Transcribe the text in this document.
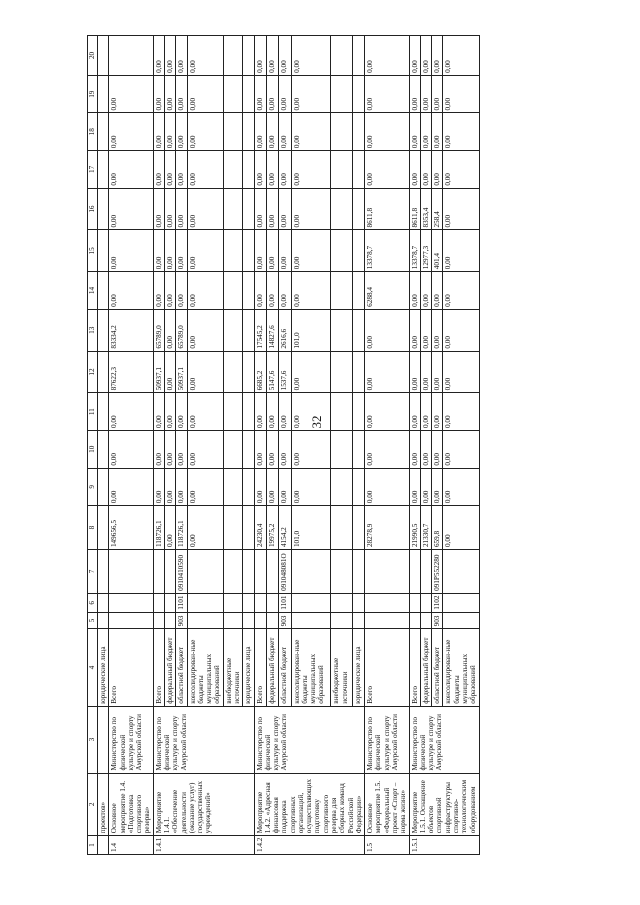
32
1	2	3	4	5	6	7	8	9	10	11	12	13	14	15	16	17	18	19	20
	проектов»		юридические лица																
1.4	Основное мероприятие 1.4. «Подготовка спортивного резерва»	Министерство по физической культуре и спорту Амурской области	Всего				149656,5	0,00	0,00	0,00	87622,3	83334,2	0,00	0,00	0,00	0,00	0,00	0,00	
1.4.1	Мероприятие 1.4.1. «Обеспечение деятельности (оказание услуг) государственных учреждений»	Министерство по физической культуре и спорту Амурской области	Всего				118726,1	0,00	0,00	0,00	50937,1	65789,0	0,00	0,00	0,00	0,00	0,00	0,00	0,00
			федеральный бюджет				0,00	0,00	0,00	0,00	0,00	0,00	0,00	0,00	0,00	0,00	0,00	0,00	0,00
			областной бюджет	903	1101	0910410590	118726,1	0,00	0,00	0,00	50937,1	65789,0	0,00	0,00	0,00	0,00	0,00	0,00	0,00
			консолидирован-ные бюджеты муниципальных образований				0,00	0,00	0,00	0,00	0,00	0,00	0,00	0,00	0,00	0,00	0,00	0,00	0,00
			внебюджетные источники																
			юридические лица																
1.4.2	Мероприятие 1.4.2. «Адресная финансовая поддержка спортивных организаций, осуществляющих подготовку спортивного резерва для сборных команд Российской Федерации»	Министерство по физической культуре и спорту Амурской области	Всего				24230,4	0,00	0,00	0,00	6685,2	17545,2	0,00	0,00	0,00	0,00	0,00	0,00	0,00
			федеральный бюджет				19975,2	0,00	0,00	0,00	5147,6	14827,6	0,00	0,00	0,00	0,00	0,00	0,00	0,00
			областной бюджет	903	1101	091048081О	4154,2	0,00	0,00	0,00	1537,6	2616,6	0,00	0,00	0,00	0,00	0,00	0,00	0,00
			консолидирован-ные бюджеты муниципальных образований				101,0	0,00	0,00	0,00	0,00	101,0	0,00	0,00	0,00	0,00	0,00	0,00	0,00
			внебюджетные источники																
			юридические лица																
1.5	Основное мероприятие 1.5. «Федеральный проект «Спорт – норма жизни»	Министерство по физической культуре и спорту Амурской области	Всего				28278,9	0,00	0,00	0,00	0,00	0,00	6288,4	13378,7	8611,8	0,00	0,00	0,00	0,00
1.5.1	Мероприятие 1.5.1. Оснащение объектов спортивной инфраструктуры спортивно-технологическим оборудованием	Министерство по физической культуре и спорту Амурской области	Всего				21990,5	0,00	0,00	0,00	0,00	0,00	0,00	13378,7	8611,8	0,00	0,00	0,00	0,00
			федеральный бюджет				21330,7	0,00	0,00	0,00	0,00	0,00	0,00	12977,3	8353,4	0,00	0,00	0,00	0,00
			областной бюджет	903	1102	091Р552280	659,8	0,00	0,00	0,00	0,00	0,00	0,00	401,4	258,4	0,00	0,00	0,00	0,00
			консолидирован-ные бюджеты муниципальных образований				0,00	0,00	0,00	0,00	0,00	0,00	0,00	0,00	0,00	0,00	0,00	0,00	0,00
